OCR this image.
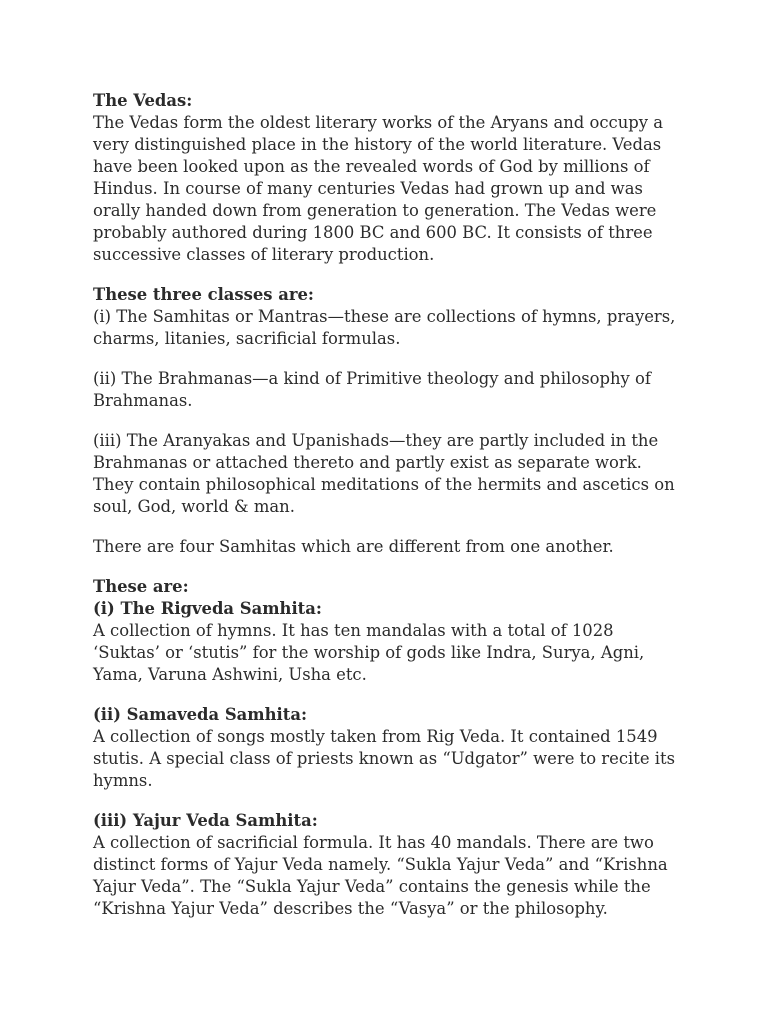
The Vedas:

The Vedas form the oldest literary works of the Aryans and occupy a very distinguished place in the history of the world literature. Vedas have been looked upon as the revealed words of God by millions of Hindus. In course of many centuries Vedas had grown up and was orally handed down from generation to generation. The Vedas were probably authored during 1800 BC and 600 BC. It consists of three successive classes of literary production.

These three classes are:

(i) The Samhitas or Mantras—these are collections of hymns, prayers, charms, litanies, sacrificial formulas.

(ii) The Brahmanas—a kind of Primitive theology and philosophy of Brahmanas.

(iii) The Aranyakas and Upanishads—they are partly included in the Brahmanas or attached thereto and partly exist as separate work. They contain philosophical meditations of the hermits and ascetics on soul, God, world & man.

There are four Samhitas which are different from one another.

These are:

(i) The Rigveda Samhita:

A collection of hymns. It has ten mandalas with a total of 1028 ‘Suktas’ or ‘stutis” for the worship of gods like Indra, Surya, Agni, Yama, Varuna Ashwini, Usha etc.

(ii) Samaveda Samhita:

A collection of songs mostly taken from Rig Veda. It contained 1549 stutis. A special class of priests known as “Udgator” were to recite its hymns.

(iii) Yajur Veda Samhita:

A collection of sacrificial formula. It has 40 mandals. There are two distinct forms of Yajur Veda namely. “Sukla Yajur Veda” and “Krishna Yajur Veda”. The “Sukla Yajur Veda” contains the genesis while the “Krishna Yajur Veda” describes the “Vasya” or the philosophy.
